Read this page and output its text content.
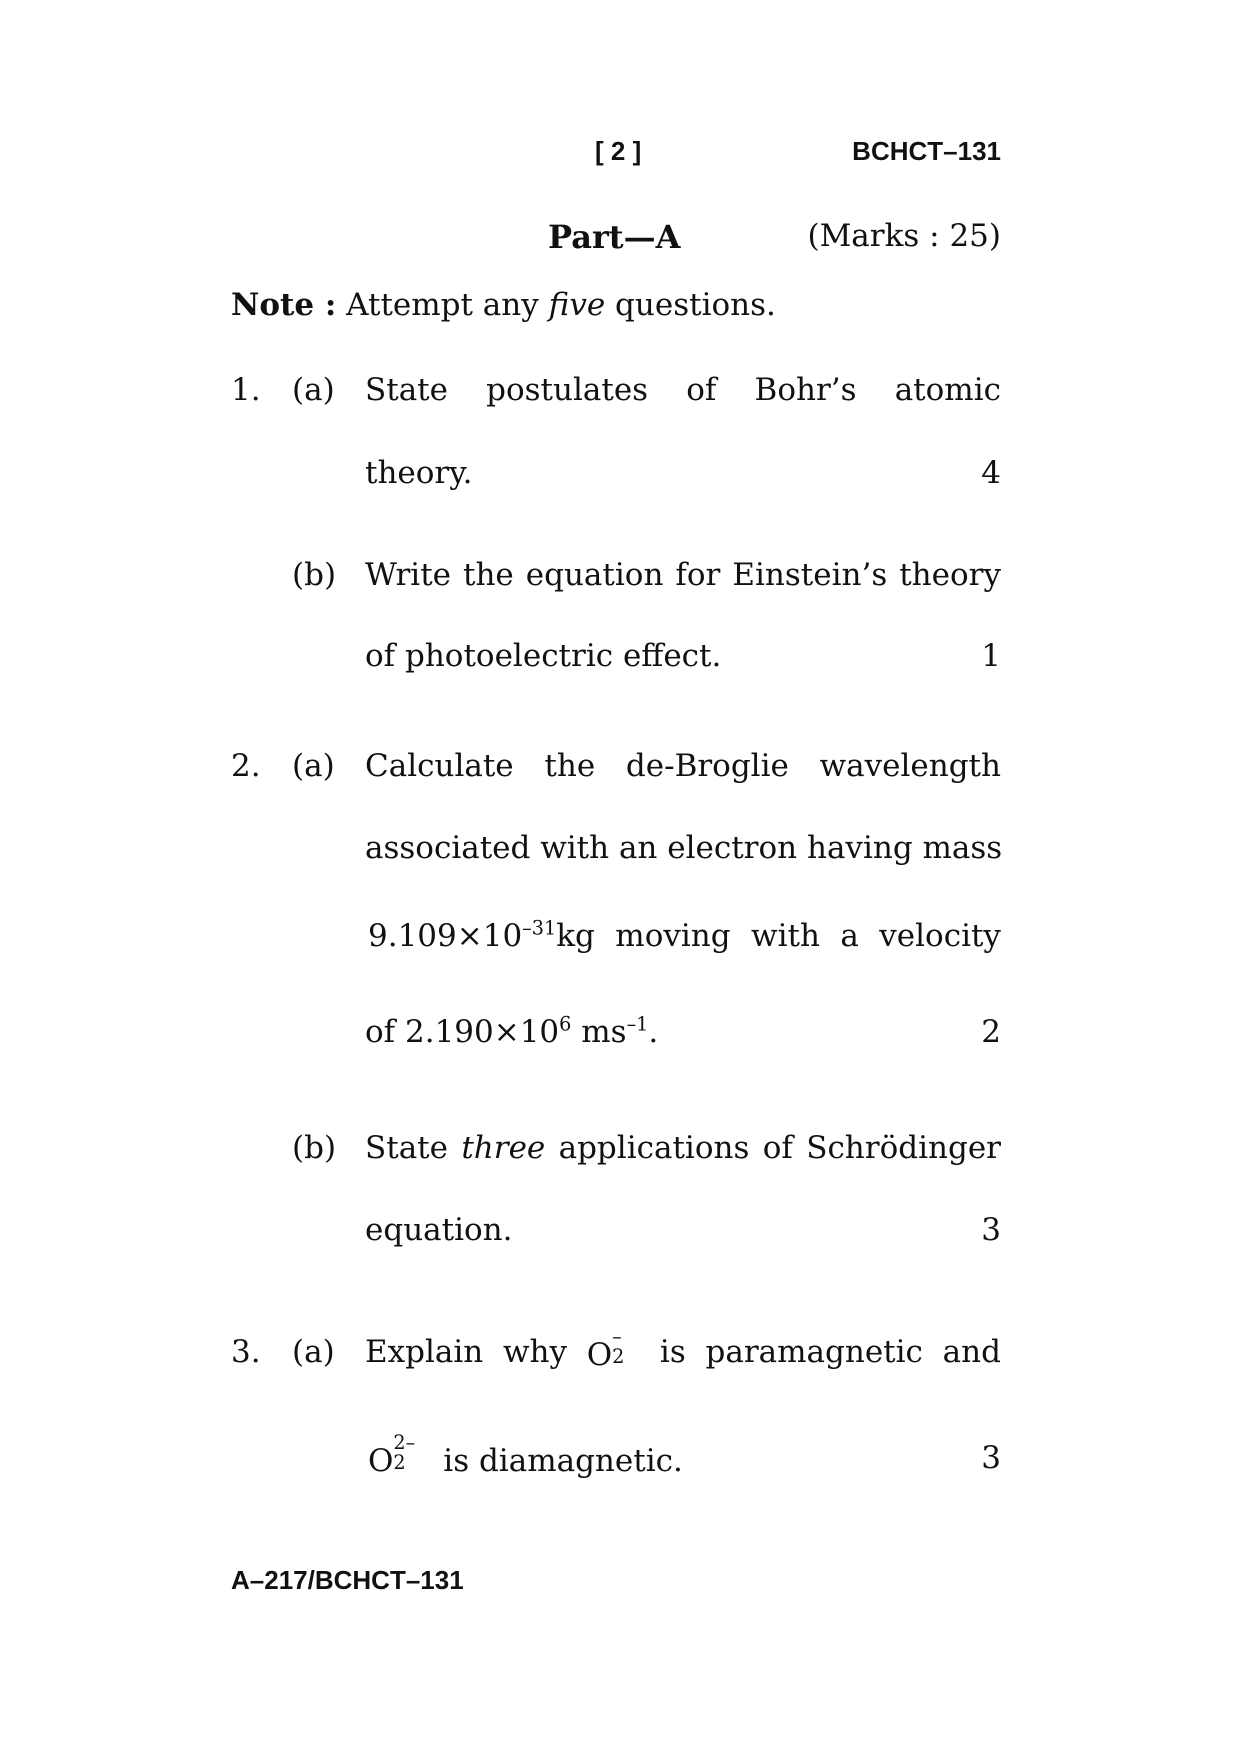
[ 2 ]	BCHCT–131
Part—A	(Marks : 25)
Note : Attempt any five questions.
1. (a) State postulates of Bohr’s atomic
theory.	4
(b) Write the equation for Einstein’s theory
of photoelectric effect.	1
2. (a) Calculate the de-Broglie wavelength
associated with an electron having mass
$9.109\times 10^{-31}kg$ moving with a velocity
of $2.190\times 10^6$ $ms^{-1}$.	2
(b) State three applications of Schrödinger
equation.	3
3. (a) Explain why O
–
2 is paramagnetic and
O
2–
2 is diamagnetic.	3
A–217/BCHCT–131
